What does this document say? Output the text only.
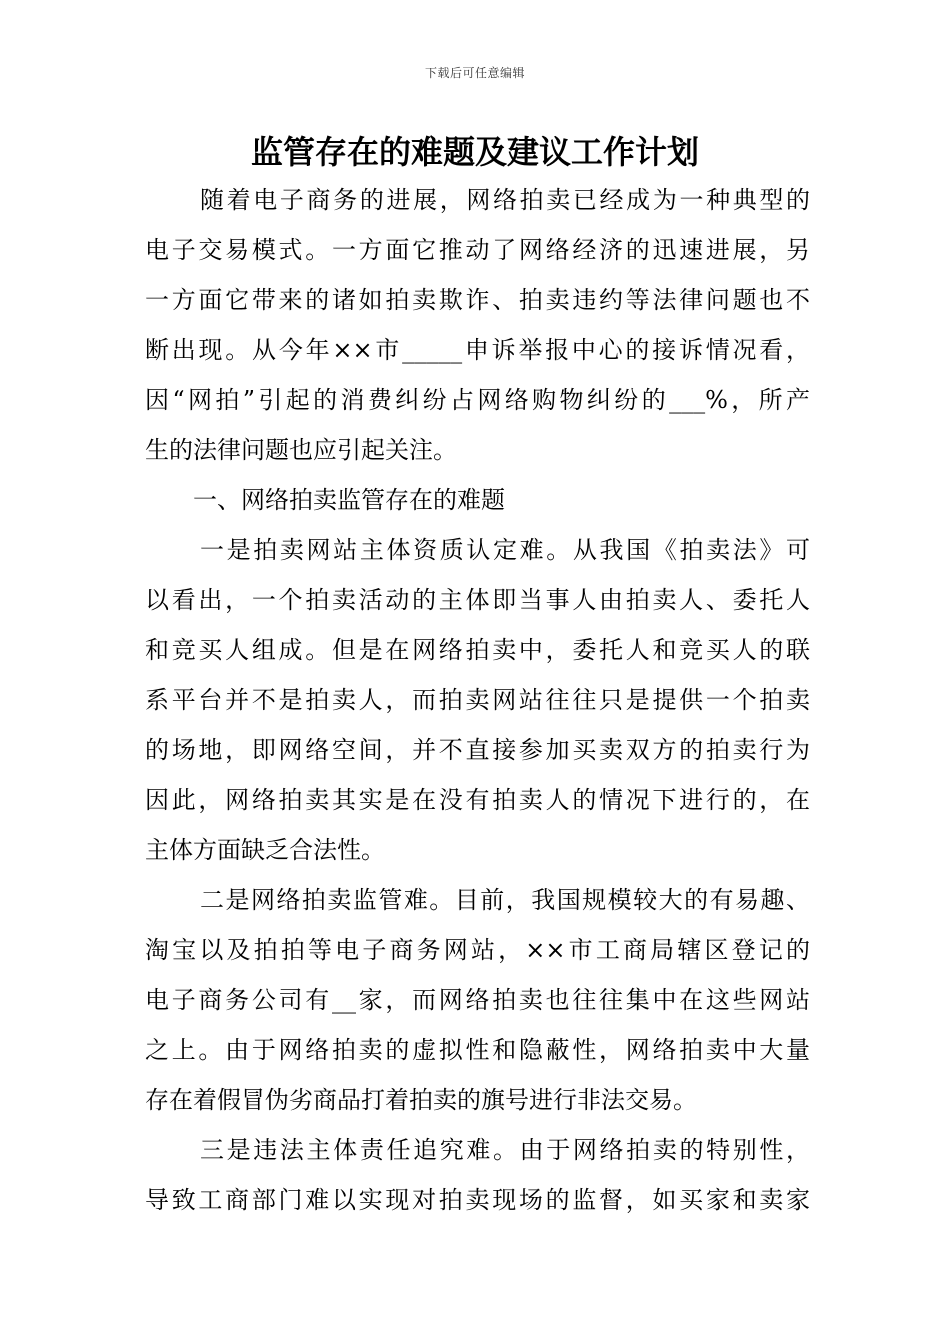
下载后可任意编辑
监管存在的难题及建议工作计划
随着电子商务的进展，网络拍卖已经成为一种典型的
电子交易模式。一方面它推动了网络经济的迅速进展，另
一方面它带来的诸如拍卖欺诈、拍卖违约等法律问题也不
断出现。从今年××市_____申诉举报中心的接诉情况看，
因“网拍”引起的消费纠纷占网络购物纠纷的___%，所产
生的法律问题也应引起关注。
一、网络拍卖监管存在的难题
一是拍卖网站主体资质认定难。从我国《拍卖法》可
以看出，一个拍卖活动的主体即当事人由拍卖人、委托人
和竞买人组成。但是在网络拍卖中，委托人和竞买人的联
系平台并不是拍卖人，而拍卖网站往往只是提供一个拍卖
的场地，即网络空间，并不直接参加买卖双方的拍卖行为
因此，网络拍卖其实是在没有拍卖人的情况下进行的，在
主体方面缺乏合法性。
二是网络拍卖监管难。目前，我国规模较大的有易趣、
淘宝以及拍拍等电子商务网站，××市工商局辖区登记的
电子商务公司有__家，而网络拍卖也往往集中在这些网站
之上。由于网络拍卖的虚拟性和隐蔽性，网络拍卖中大量
存在着假冒伪劣商品打着拍卖的旗号进行非法交易。
三是违法主体责任追究难。由于网络拍卖的特别性，
导致工商部门难以实现对拍卖现场的监督，如买家和卖家
